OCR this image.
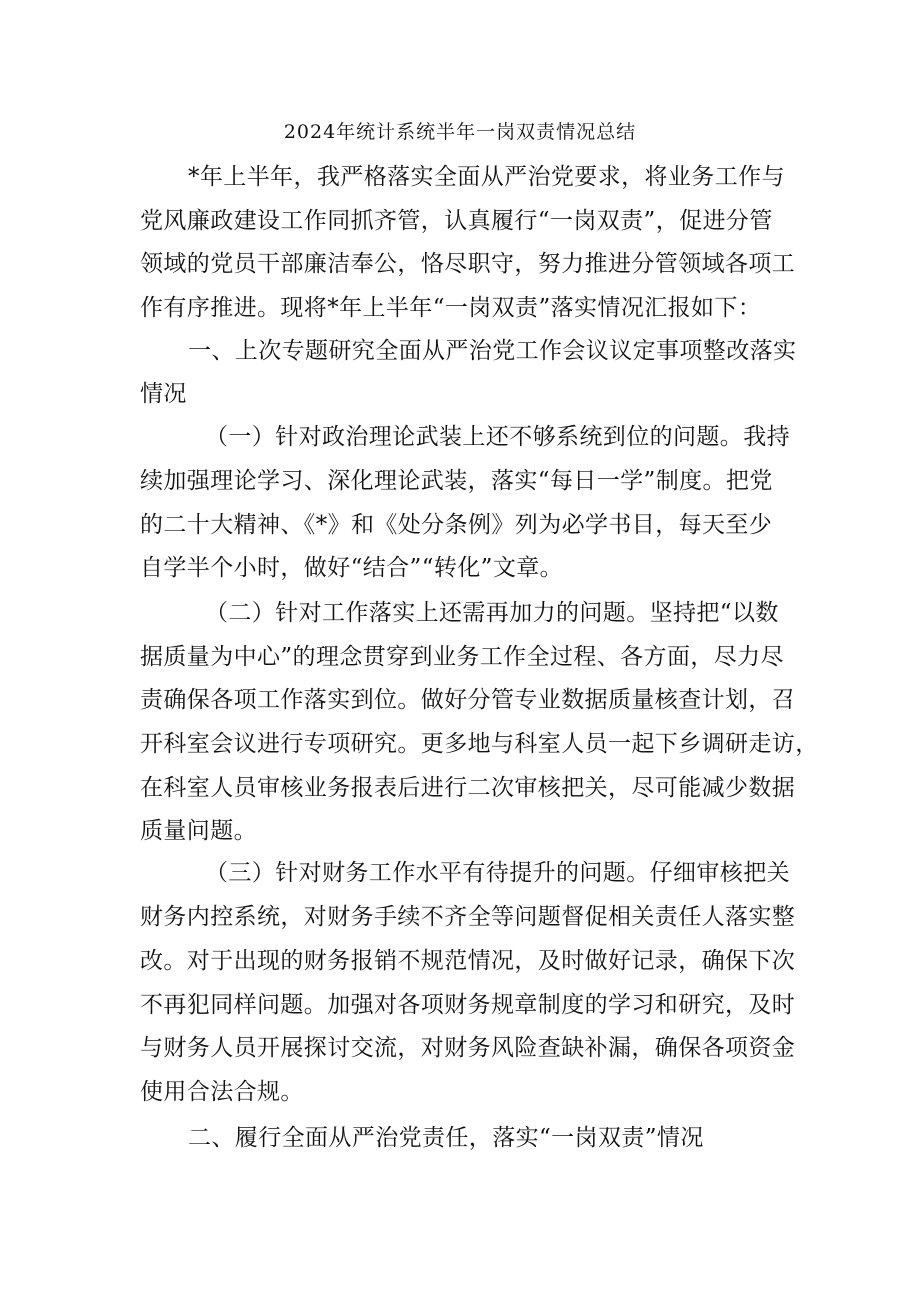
2024年统计系统半年一岗双责情况总结
*年上半年，我严格落实全面从严治党要求，将业务工作与
党风廉政建设工作同抓齐管，认真履行“一岗双责”，促进分管
领域的党员干部廉洁奉公，恪尽职守，努力推进分管领域各项工
作有序推进。现将*年上半年“一岗双责”落实情况汇报如下：
一、上次专题研究全面从严治党工作会议议定事项整改落实
情况
（一）针对政治理论武装上还不够系统到位的问题。我持
续加强理论学习、深化理论武装，落实“每日一学”制度。把党
的二十大精神、《*》和《处分条例》列为必学书目，每天至少
自学半个小时，做好“结合”“转化”文章。
（二）针对工作落实上还需再加力的问题。坚持把“以数
据质量为中心”的理念贯穿到业务工作全过程、各方面，尽力尽
责确保各项工作落实到位。做好分管专业数据质量核查计划，召
开科室会议进行专项研究。更多地与科室人员一起下乡调研走访，
在科室人员审核业务报表后进行二次审核把关，尽可能减少数据
质量问题。
（三）针对财务工作水平有待提升的问题。仔细审核把关
财务内控系统，对财务手续不齐全等问题督促相关责任人落实整
改。对于出现的财务报销不规范情况，及时做好记录，确保下次
不再犯同样问题。加强对各项财务规章制度的学习和研究，及时
与财务人员开展探讨交流，对财务风险查缺补漏，确保各项资金
使用合法合规。
二、履行全面从严治党责任，落实“一岗双责”情况
